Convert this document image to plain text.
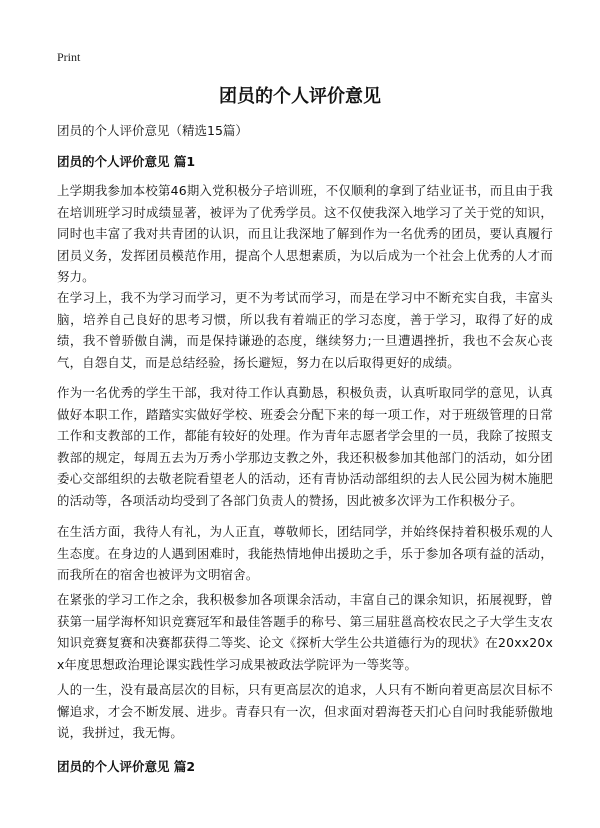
Print
团员的个人评价意见

团员的个人评价意见（精选15篇）

团员的个人评价意见 篇1

上学期我参加本校第46期入党积极分子培训班，不仅顺利的拿到了结业证书，而且由于我在培训班学习时成绩显著，被评为了优秀学员。这不仅使我深入地学习了关于党的知识，同时也丰富了我对共青团的认识，而且让我深地了解到作为一名优秀的团员，要认真履行团员义务，发挥团员模范作用，提高个人思想素质，为以后成为一个社会上优秀的人才而努力。

在学习上，我不为学习而学习，更不为考试而学习，而是在学习中不断充实自我，丰富头脑，培养自己良好的思考习惯，所以我有着端正的学习态度，善于学习，取得了好的成绩，我不曾骄傲自满，而是保持谦逊的态度，继续努力;一旦遭遇挫折，我也不会灰心丧气，自怨自艾，而是总结经验，扬长避短，努力在以后取得更好的成绩。

作为一名优秀的学生干部，我对待工作认真勤恳，积极负责，认真听取同学的意见，认真做好本职工作，踏踏实实做好学校、班委会分配下来的每一项工作，对于班级管理的日常工作和支教部的工作，都能有较好的处理。作为青年志愿者学会里的一员，我除了按照支教部的规定，每周五去为万秀小学那边支教之外，我还积极参加其他部门的活动，如分团委心交部组织的去敬老院看望老人的活动，还有青协活动部组织的去人民公园为树木施肥的活动等，各项活动均受到了各部门负责人的赞扬，因此被多次评为工作积极分子。

在生活方面，我待人有礼，为人正直，尊敬师长，团结同学，并始终保持着积极乐观的人生态度。在身边的人遇到困难时，我能热情地伸出援助之手，乐于参加各项有益的活动，而我所在的宿舍也被评为文明宿舍。

在紧张的学习工作之余，我积极参加各项课余活动，丰富自己的课余知识，拓展视野，曾获第一届学海杯知识竞赛冠军和最佳答题手的称号、第三届驻邕高校农民之子大学生支农知识竞赛复赛和决赛都获得二等奖、论文《探析大学生公共道德行为的现状》在20xx20xx年度思想政治理论课实践性学习成果被政法学院评为一等奖等。

人的一生，没有最高层次的目标，只有更高层次的追求，人只有不断向着更高层次目标不懈追求，才会不断发展、进步。青春只有一次，但求面对碧海苍天扪心自问时我能骄傲地说，我拼过，我无悔。

团员的个人评价意见 篇2
